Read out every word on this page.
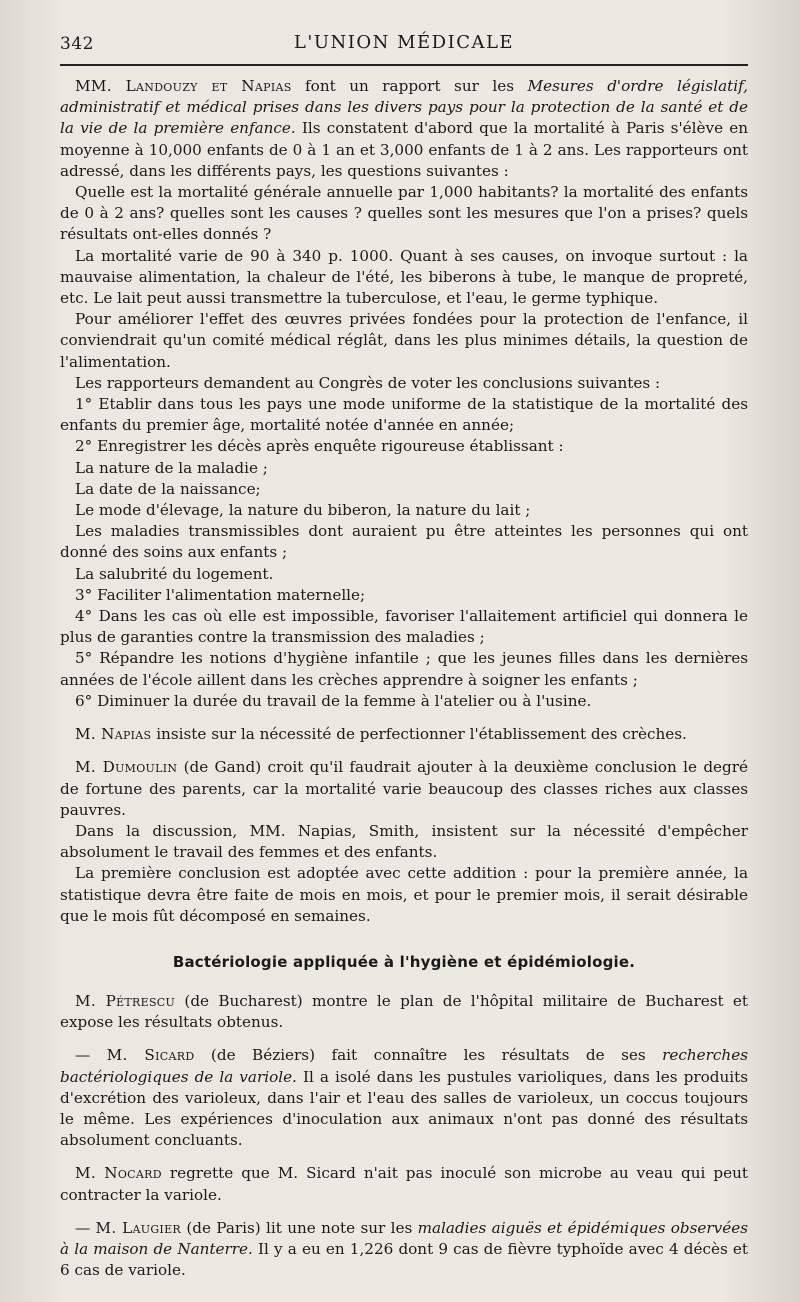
342	L'UNION MÉDICALE

MM. Landouzy et Napias font un rapport sur les Mesures d'ordre législatif, administratif et médical prises dans les divers pays pour la protection de la santé et de la vie de la première enfance. Ils constatent d'abord que la mortalité à Paris s'élève en moyenne à 10,000 enfants de 0 à 1 an et 3,000 enfants de 1 à 2 ans. Les rapporteurs ont adressé, dans les différents pays, les questions suivantes :

Quelle est la mortalité générale annuelle par 1,000 habitants? la mortalité des enfants de 0 à 2 ans? quelles sont les causes ? quelles sont les mesures que l'on a prises? quels résultats ont-elles donnés ?

La mortalité varie de 90 à 340 p. 1000. Quant à ses causes, on invoque surtout : la mauvaise alimentation, la chaleur de l'été, les biberons à tube, le manque de propreté, etc. Le lait peut aussi transmettre la tuberculose, et l'eau, le germe typhique.

Pour améliorer l'effet des œuvres privées fondées pour la protection de l'enfance, il conviendrait qu'un comité médical réglât, dans les plus minimes détails, la question de l'alimentation.

Les rapporteurs demandent au Congrès de voter les conclusions suivantes :

1° Etablir dans tous les pays une mode uniforme de la statistique de la mortalité des enfants du premier âge, mortalité notée d'année en année;

2° Enregistrer les décès après enquête rigoureuse établissant :

La nature de la maladie ;

La date de la naissance;

Le mode d'élevage, la nature du biberon, la nature du lait ;

Les maladies transmissibles dont auraient pu être atteintes les personnes qui ont donné des soins aux enfants ;

La salubrité du logement.

3° Faciliter l'alimentation maternelle;

4° Dans les cas où elle est impossible, favoriser l'allaitement artificiel qui donnera le plus de garanties contre la transmission des maladies ;

5° Répandre les notions d'hygiène infantile ; que les jeunes filles dans les dernières années de l'école aillent dans les crèches apprendre à soigner les enfants ;

6° Diminuer la durée du travail de la femme à l'atelier ou à l'usine.

M. Napias insiste sur la nécessité de perfectionner l'établissement des crèches.

M. Dumoulin (de Gand) croit qu'il faudrait ajouter à la deuxième conclusion le degré de fortune des parents, car la mortalité varie beaucoup des classes riches aux classes pauvres.

Dans la discussion, MM. Napias, Smith, insistent sur la nécessité d'empêcher absolument le travail des femmes et des enfants.

La première conclusion est adoptée avec cette addition : pour la première année, la statistique devra être faite de mois en mois, et pour le premier mois, il serait désirable que le mois fût décomposé en semaines.

Bactériologie appliquée à l'hygiène et épidémiologie.

M. Pétrescu (de Bucharest) montre le plan de l'hôpital militaire de Bucharest et expose les résultats obtenus.

— M. Sicard (de Béziers) fait connaître les résultats de ses recherches bactériologiques de la variole. Il a isolé dans les pustules varioliques, dans les produits d'excrétion des varioleux, dans l'air et l'eau des salles de varioleux, un coccus toujours le même. Les expériences d'inoculation aux animaux n'ont pas donné des résultats absolument concluants.

M. Nocard regrette que M. Sicard n'ait pas inoculé son microbe au veau qui peut contracter la variole.

— M. Laugier (de Paris) lit une note sur les maladies aiguës et épidémiques observées à la maison de Nanterre. Il y a eu en 1,226 dont 9 cas de fièvre typhoïde avec 4 décès et 6 cas de variole.
